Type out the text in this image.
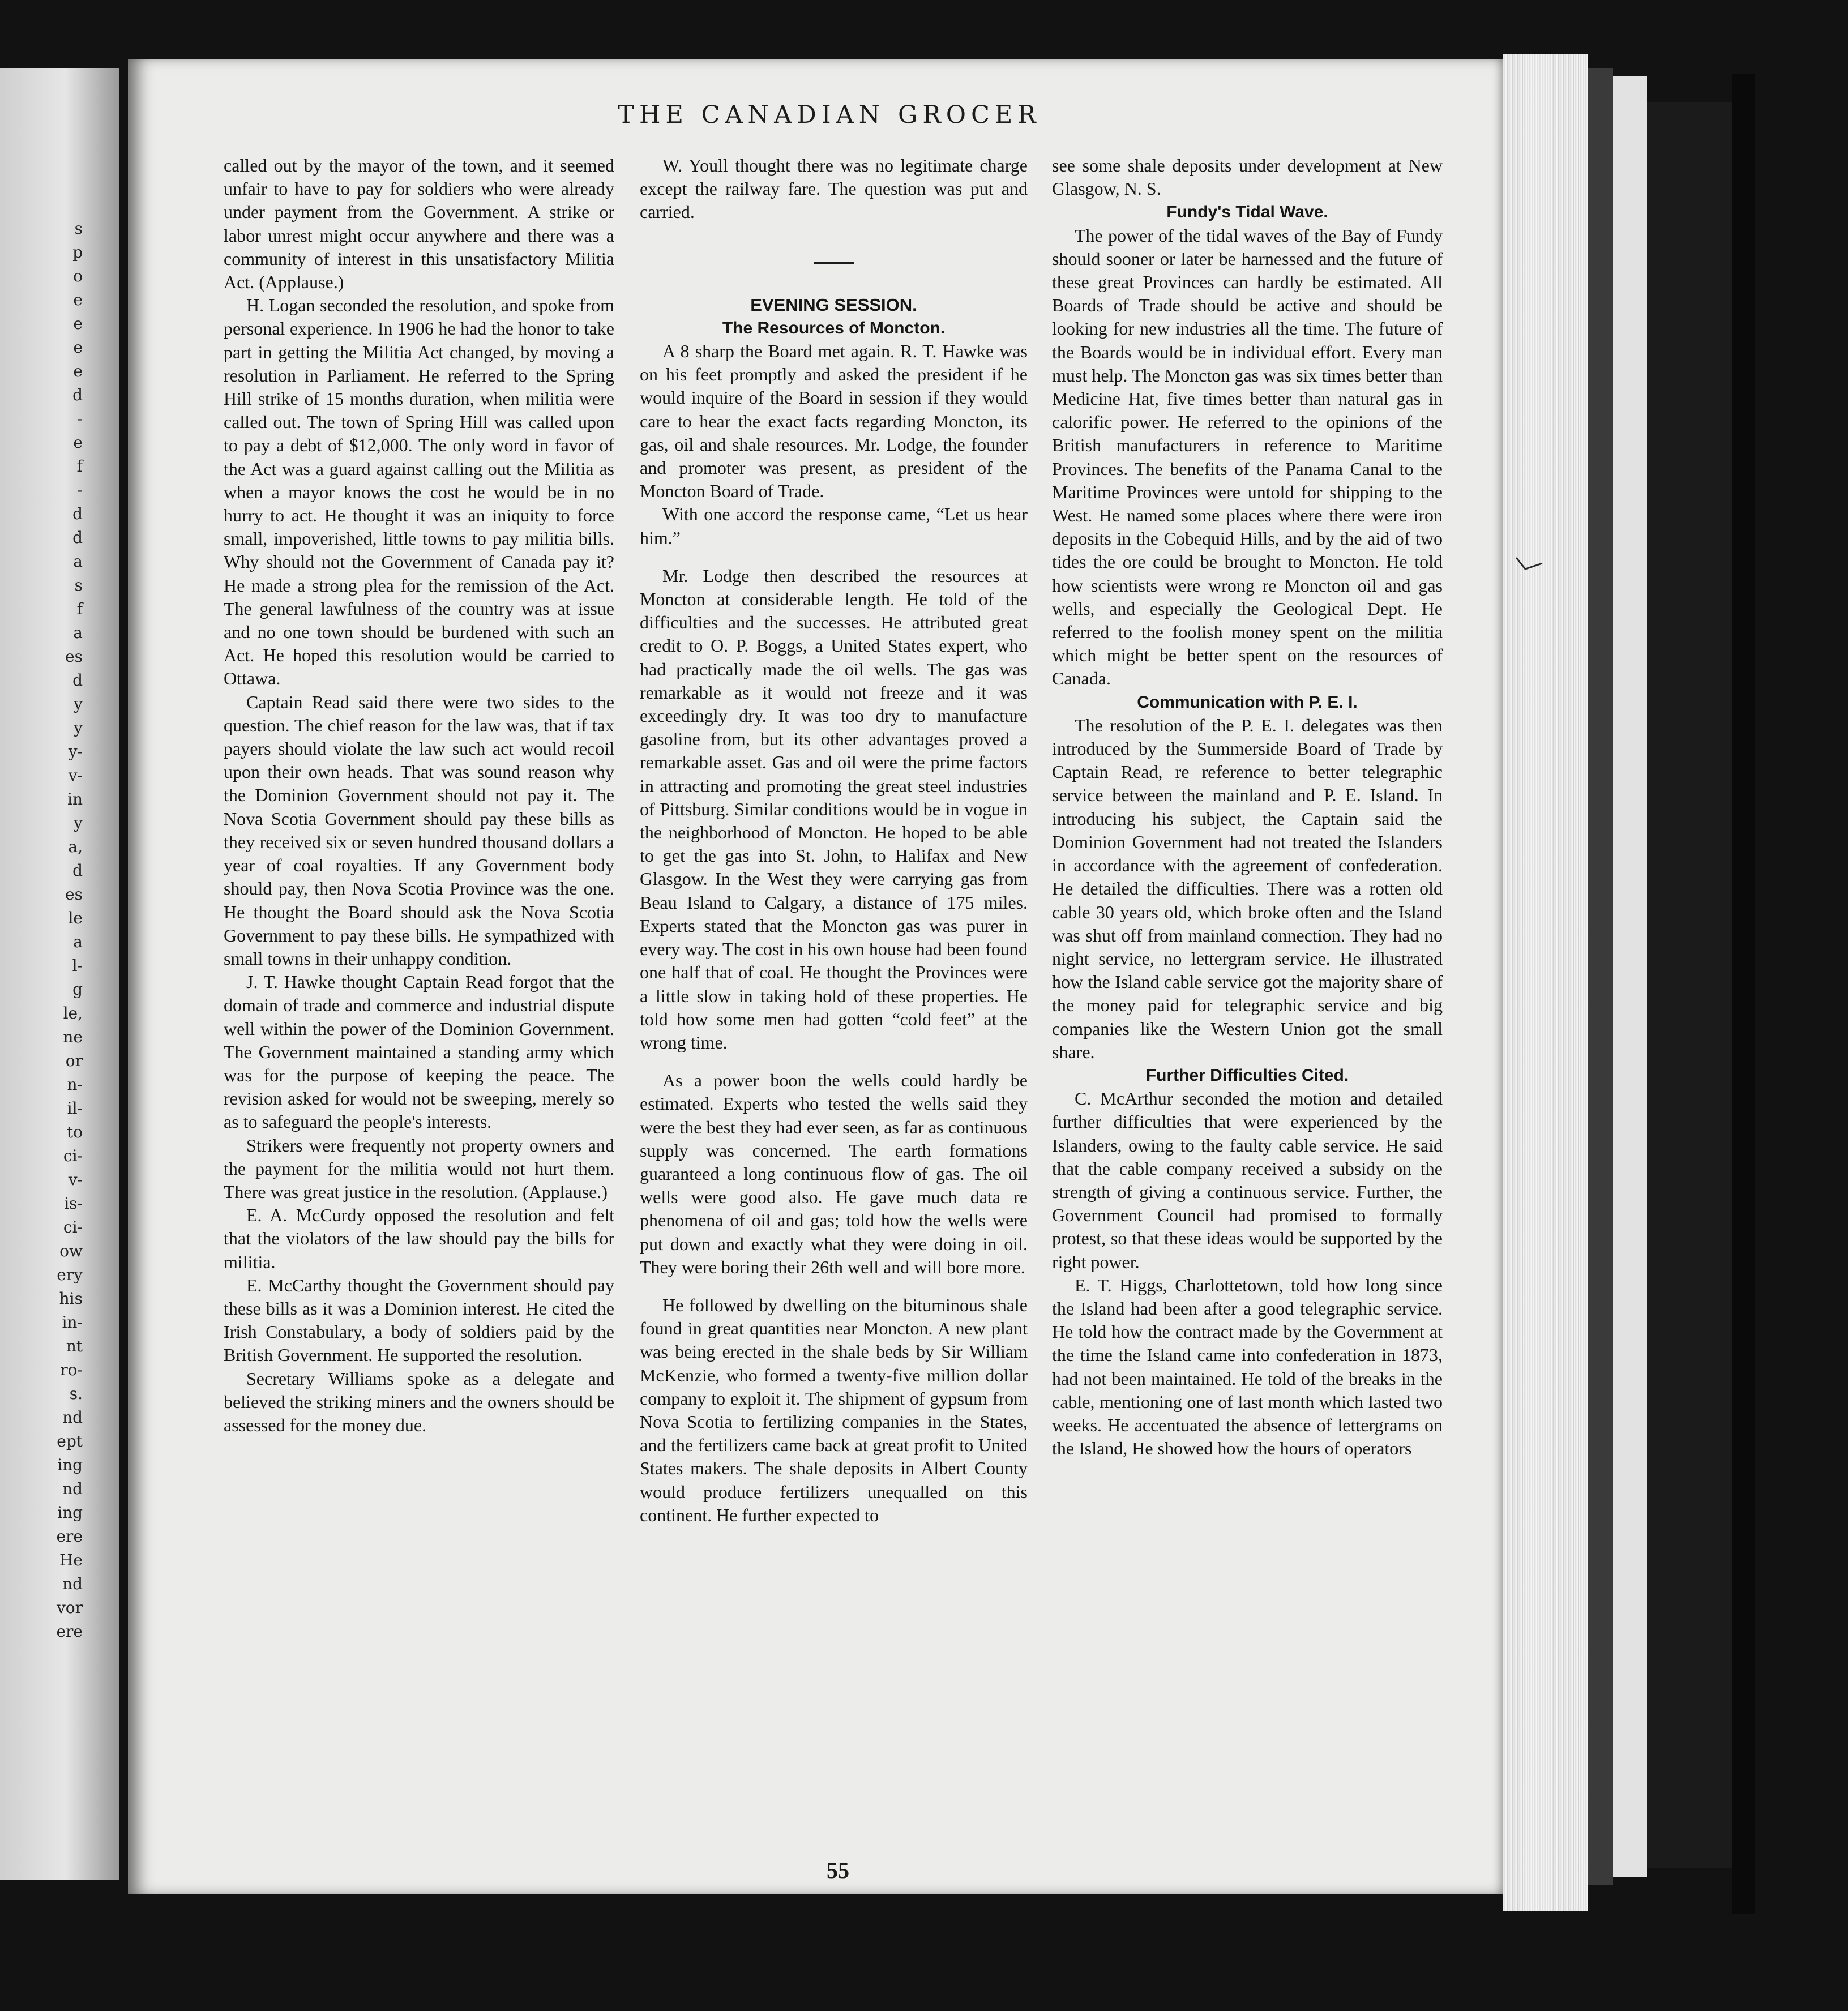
s
p
o
e
e
e
e
d
-
e
f
-
d
d
a
s
f
a
es
d
y
y
y-
v-
in
y
a,
d
es
le
a
l-
g
le,
ne
or
n-
il-
to
ci-
v-
is-
ci-
ow
ery
his
in-
nt
ro-
s.
nd
ept
ing
nd
ing
ere
He
nd
vor
ere
THE CANADIAN GROCER

called out by the mayor of the town, and it seemed unfair to have to pay for soldiers who were already under payment from the Government. A strike or labor unrest might occur anywhere and there was a community of interest in this unsatisfactory Militia Act. (Applause.)

H. Logan seconded the resolution, and spoke from personal experience. In 1906 he had the honor to take part in getting the Militia Act changed, by moving a resolution in Parliament. He referred to the Spring Hill strike of 15 months duration, when militia were called out. The town of Spring Hill was called upon to pay a debt of $12,000. The only word in favor of the Act was a guard against calling out the Militia as when a mayor knows the cost he would be in no hurry to act. He thought it was an iniquity to force small, impoverished, little towns to pay militia bills. Why should not the Government of Canada pay it? He made a strong plea for the remission of the Act. The general lawfulness of the country was at issue and no one town should be burdened with such an Act. He hoped this resolution would be carried to Ottawa.

Captain Read said there were two sides to the question. The chief reason for the law was, that if tax payers should violate the law such act would recoil upon their own heads. That was sound reason why the Dominion Government should not pay it. The Nova Scotia Government should pay these bills as they received six or seven hundred thousand dollars a year of coal royalties. If any Government body should pay, then Nova Scotia Province was the one. He thought the Board should ask the Nova Scotia Government to pay these bills. He sympathized with small towns in their unhappy condition.

J. T. Hawke thought Captain Read forgot that the domain of trade and commerce and industrial dispute well within the power of the Dominion Government. The Government maintained a standing army which was for the purpose of keeping the peace. The revision asked for would not be sweeping, merely so as to safeguard the people's interests.

Strikers were frequently not property owners and the payment for the militia would not hurt them. There was great justice in the resolution. (Applause.)

E. A. McCurdy opposed the resolution and felt that the violators of the law should pay the bills for militia.

E. McCarthy thought the Government should pay these bills as it was a Dominion interest. He cited the Irish Constabulary, a body of soldiers paid by the British Government. He supported the resolution.

Secretary Williams spoke as a delegate and believed the striking miners and the owners should be assessed for the money due.

W. Youll thought there was no legitimate charge except the railway fare. The question was put and carried.

EVENING SESSION.

The Resources of Moncton.

A 8 sharp the Board met again. R. T. Hawke was on his feet promptly and asked the president if he would inquire of the Board in session if they would care to hear the exact facts regarding Moncton, its gas, oil and shale resources. Mr. Lodge, the founder and promoter was present, as president of the Moncton Board of Trade.

With one accord the response came, “Let us hear him.”

Mr. Lodge then described the resources at Moncton at considerable length. He told of the difficulties and the successes. He attributed great credit to O. P. Boggs, a United States expert, who had practically made the oil wells. The gas was remarkable as it would not freeze and it was exceedingly dry. It was too dry to manufacture gasoline from, but its other advantages proved a remarkable asset. Gas and oil were the prime factors in attracting and promoting the great steel industries of Pittsburg. Similar conditions would be in vogue in the neighborhood of Moncton. He hoped to be able to get the gas into St. John, to Halifax and New Glasgow. In the West they were carrying gas from Beau Island to Calgary, a distance of 175 miles. Experts stated that the Moncton gas was purer in every way. The cost in his own house had been found one half that of coal. He thought the Provinces were a little slow in taking hold of these properties. He told how some men had gotten “cold feet” at the wrong time.

As a power boon the wells could hardly be estimated. Experts who tested the wells said they were the best they had ever seen, as far as continuous supply was concerned. The earth formations guaranteed a long continuous flow of gas. The oil wells were good also. He gave much data re phenomena of oil and gas; told how the wells were put down and exactly what they were doing in oil. They were boring their 26th well and will bore more.

He followed by dwelling on the bituminous shale found in great quantities near Moncton. A new plant was being erected in the shale beds by Sir William McKenzie, who formed a twenty-five million dollar company to exploit it. The shipment of gypsum from Nova Scotia to fertilizing companies in the States, and the fertilizers came back at great profit to United States makers. The shale deposits in Albert County would produce fertilizers unequalled on this continent. He further expected to

see some shale deposits under development at New Glasgow, N. S.

Fundy's Tidal Wave.

The power of the tidal waves of the Bay of Fundy should sooner or later be harnessed and the future of these great Provinces can hardly be estimated. All Boards of Trade should be active and should be looking for new industries all the time. The future of the Boards would be in individual effort. Every man must help. The Moncton gas was six times better than Medicine Hat, five times better than natural gas in calorific power. He referred to the opinions of the British manufacturers in reference to Maritime Provinces. The benefits of the Panama Canal to the Maritime Provinces were untold for shipping to the West. He named some places where there were iron deposits in the Cobequid Hills, and by the aid of two tides the ore could be brought to Moncton. He told how scientists were wrong re Moncton oil and gas wells, and especially the Geological Dept. He referred to the foolish money spent on the militia which might be better spent on the resources of Canada.

Communication with P. E. I.

The resolution of the P. E. I. delegates was then introduced by the Summerside Board of Trade by Captain Read, re reference to better telegraphic service between the mainland and P. E. Island. In introducing his subject, the Captain said the Dominion Government had not treated the Islanders in accordance with the agreement of confederation. He detailed the difficulties. There was a rotten old cable 30 years old, which broke often and the Island was shut off from mainland connection. They had no night service, no lettergram service. He illustrated how the Island cable service got the majority share of the money paid for telegraphic service and big companies like the Western Union got the small share.

Further Difficulties Cited.

C. McArthur seconded the motion and detailed further difficulties that were experienced by the Islanders, owing to the faulty cable service. He said that the cable company received a subsidy on the strength of giving a continuous service. Further, the Government Council had promised to formally protest, so that these ideas would be supported by the right power.

E. T. Higgs, Charlottetown, told how long since the Island had been after a good telegraphic service. He told how the contract made by the Government at the time the Island came into confederation in 1873, had not been maintained. He told of the breaks in the cable, mentioning one of last month which lasted two weeks. He accentuated the absence of lettergrams on the Island, He showed how the hours of operators

55
